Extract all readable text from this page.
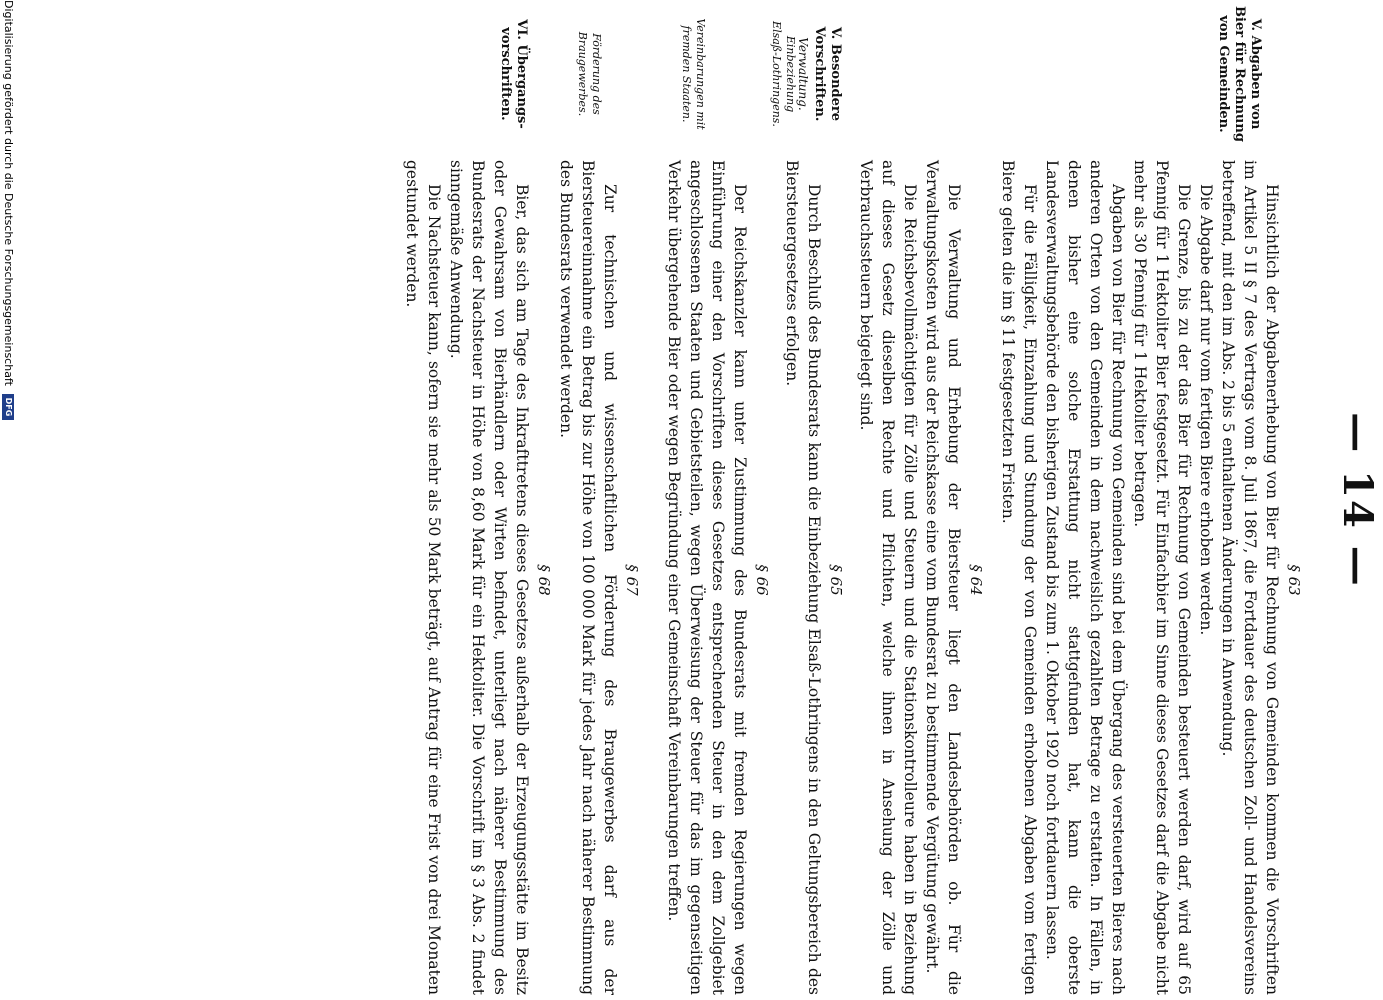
— 14 —
V. Abgaben von
Bier für Rechnung
von Gemeinden.
§ 63
Hinsichtlich der Abgabenerhebung von Bier für Rechnung von Gemeinden kommen die Vorschriften im Artikel 5 II § 7 des Vertrags vom 8. Juli 1867, die Fortdauer des deutschen Zoll- und Handelsvereins betreffend, mit den im Abs. 2 bis 5 enthaltenen Änderungen in Anwendung.
Die Abgabe darf nur vom fertigen Biere erhoben werden.
Die Grenze, bis zu der das Bier für Rechnung von Gemeinden besteuert werden darf, wird auf 65 Pfennig für 1 Hektoliter Bier festgesetzt. Für Einfachbier im Sinne dieses Gesetzes darf die Abgabe nicht mehr als 30 Pfennig für 1 Hektoliter betragen.
Abgaben von Bier für Rechnung von Gemeinden sind bei dem Übergang des versteuerten Bieres nach anderen Orten von den Gemeinden in dem nachweislich gezahlten Betrage zu erstatten. In Fällen, in denen bisher eine solche Erstattung nicht stattgefunden hat, kann die oberste Landesverwaltungsbehörde den bisherigen Zustand bis zum 1. Oktober 1920 noch fortdauern lassen.
Für die Fälligkeit, Einzahlung und Stundung der von Gemeinden erhobenen Abgaben vom fertigen Biere gelten die im § 11 festgesetzten Fristen.
V. Besondere
Vorschriften.
Verwaltung.
§ 64
Die Verwaltung und Erhebung der Biersteuer liegt den Landesbehörden ob. Für die Verwaltungskosten wird aus der Reichskasse eine vom Bundesrat zu bestimmende Vergütung gewährt.
Die Reichsbevollmächtigten für Zölle und Steuern und die Stationskontrolleure haben in Beziehung auf dieses Gesetz dieselben Rechte und Pflichten, welche ihnen in Ansehung der Zölle und Verbrauchssteuern beigelegt sind.
Einbeziehung
Elsaß-Lothringens.
§ 65
Durch Beschluß des Bundesrats kann die Einbeziehung Elsaß-Lothringens in den Geltungsbereich des Biersteuergesetzes erfolgen.
Vereinbarungen mit
fremden Staaten.
§ 66
Der Reichskanzler kann unter Zustimmung des Bundesrats mit fremden Regierungen wegen Einführung einer den Vorschriften dieses Gesetzes entsprechenden Steuer in den dem Zollgebiet angeschlossenen Staaten und Gebietsteilen, wegen Überweisung der Steuer für das im gegenseitigen Verkehr übergehende Bier oder wegen Begründung einer Gemeinschaft Vereinbarungen treffen.
Förderung des
Braugewerbes.
§ 67
Zur technischen und wissenschaftlichen Förderung des Braugewerbes darf aus der Biersteuereinnahme ein Betrag bis zur Höhe von 100 000 Mark für jedes Jahr nach näherer Bestimmung des Bundesrats verwendet werden.
VI. Übergangs-
vorschriften.
§ 68
Bier, das sich am Tage des Inkrafttretens dieses Gesetzes außerhalb der Erzeugungsstätte im Besitz oder Gewahrsam von Bierhändlern oder Wirten befindet, unterliegt nach näherer Bestimmung des Bundesrats der Nachsteuer in Höhe von 8,60 Mark für ein Hektoliter. Die Vorschrift im § 3 Abs. 2 findet sinngemäße Anwendung.
Die Nachsteuer kann, sofern sie mehr als 50 Mark beträgt, auf Antrag für eine Frist von drei Monaten gestundet werden.
Digitalisierung gefördert durch die Deutsche Forschungsgemeinschaft
DFG
